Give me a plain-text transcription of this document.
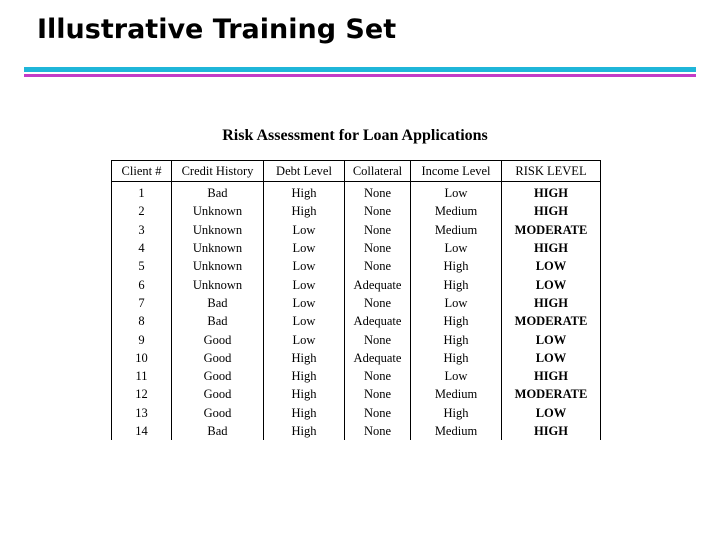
Illustrative Training Set
Risk Assessment for Loan Applications
Client #	Credit History	Debt Level	Collateral	Income Level	RISK LEVEL
1	Bad	High	None	Low	HIGH
2	Unknown	High	None	Medium	HIGH
3	Unknown	Low	None	Medium	MODERATE
4	Unknown	Low	None	Low	HIGH
5	Unknown	Low	None	High	LOW
6	Unknown	Low	Adequate	High	LOW
7	Bad	Low	None	Low	HIGH
8	Bad	Low	Adequate	High	MODERATE
9	Good	Low	None	High	LOW
10	Good	High	Adequate	High	LOW
11	Good	High	None	Low	HIGH
12	Good	High	None	Medium	MODERATE
13	Good	High	None	High	LOW
14	Bad	High	None	Medium	HIGH
